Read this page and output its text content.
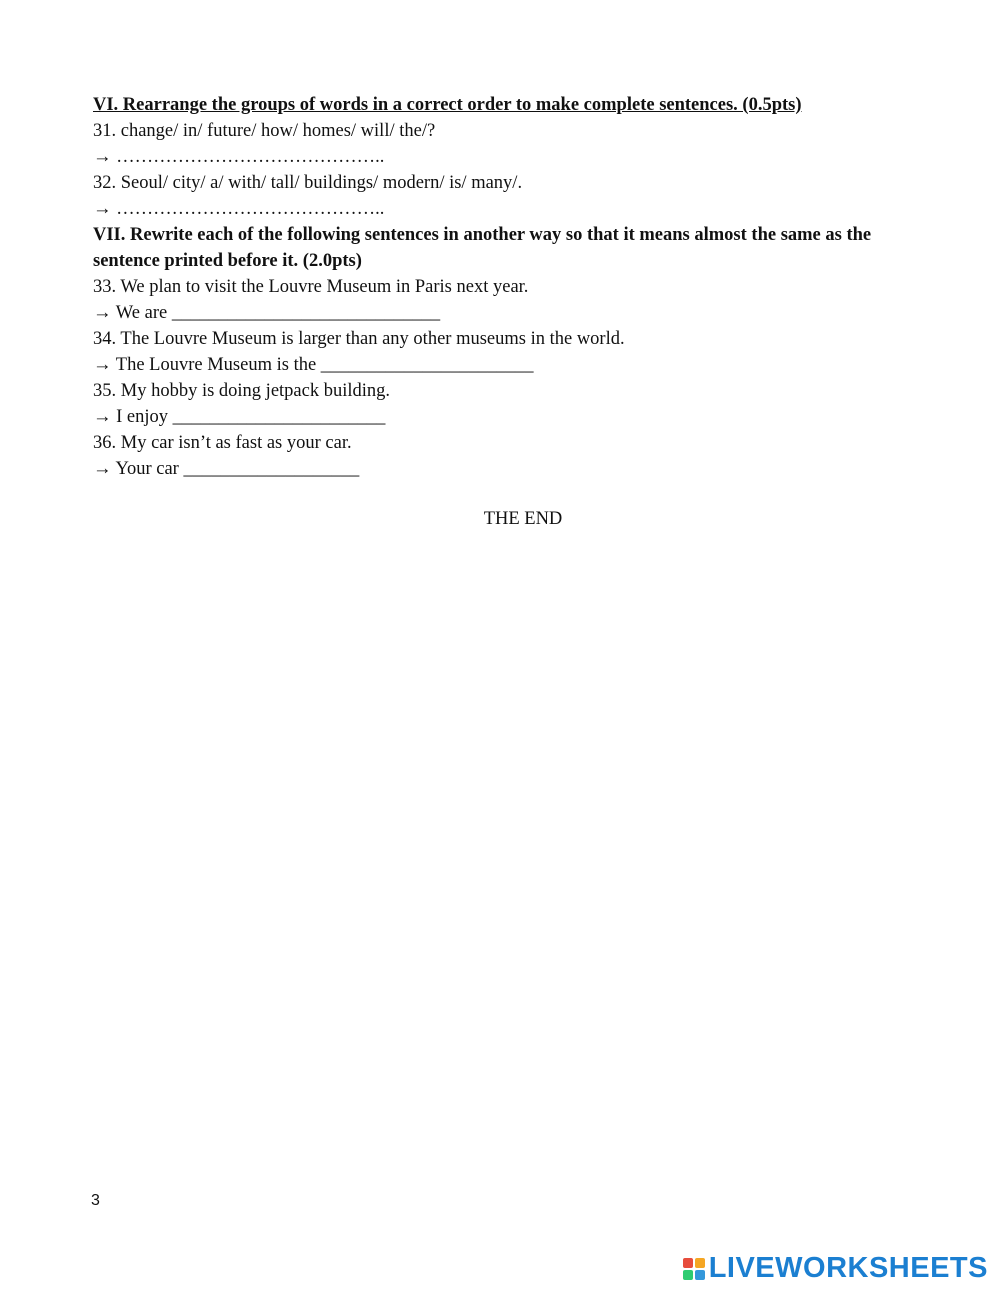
VI. Rearrange the groups of words in a correct order to make complete sentences. (0.5pts)
31. change/ in/ future/ how/ homes/ will/ the/?
→ ……………………………………..
32. Seoul/ city/ a/ with/ tall/ buildings/ modern/ is/ many/.
→ ……………………………………..
VII. Rewrite each of the following sentences in another way so that it means almost the same as the sentence printed before it. (2.0pts)
33. We plan to visit the Louvre Museum in Paris next year.
→ We are _____________________________
34. The Louvre Museum is larger than any other museums in the world.
→ The Louvre Museum is the _______________________
35. My hobby is doing jetpack building.
→ I enjoy _______________________
36. My car isn’t as fast as your car.
→ Your car ___________________
THE END
3
LIVEWORKSHEETS
